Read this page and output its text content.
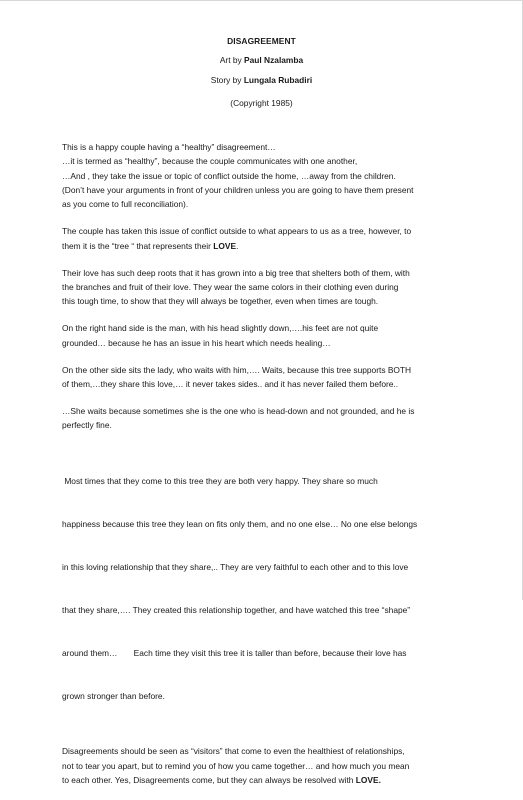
DISAGREEMENT
Art by Paul Nzalamba
Story by Lungala Rubadiri
(Copyright 1985)

This is a happy couple having a “healthy” disagreement…
…it is termed as “healthy”, because the couple communicates with one another,
…And , they take the issue or topic of conflict outside the home, …away from the children.
(Don’t have your arguments in front of your children unless you are going to have them present
as you come to full reconciliation).

The couple has taken this issue of conflict outside to what appears to us as a tree, however, to
them it is the “tree “ that represents their LOVE.

Their love has such deep roots that it has grown into a big tree that shelters both of them, with
the branches and fruit of their love. They wear the same colors in their clothing even during
this tough time, to show that they will always be together, even when times are tough.

On the right hand side is the man, with his head slightly down,….his feet are not quite
grounded… because he has an issue in his heart which needs healing…

On the other side sits the lady, who waits with him,…. Waits, because this tree supports BOTH
of them,…they share this love,… it never takes sides.. and it has never failed them before..

…She waits because sometimes she is the one who is head-down and not grounded, and he is
perfectly fine.

Most times that they come to this tree they are both very happy. They share so much

happiness because this tree they lean on fits only them, and no one else… No one else belongs

in this loving relationship that they share,.. They are very faithful to each other and to this love

that they share,…. They created this relationship together, and have watched this tree “shape”

around them…       Each time they visit this tree it is taller than before, because their love has

grown stronger than before.

Disagreements should be seen as “visitors” that come to even the healthiest of relationships,
not to tear you apart, but to remind you of how you came together… and how much you mean
to each other. Yes, Disagreements come, but they can always be resolved with LOVE.
